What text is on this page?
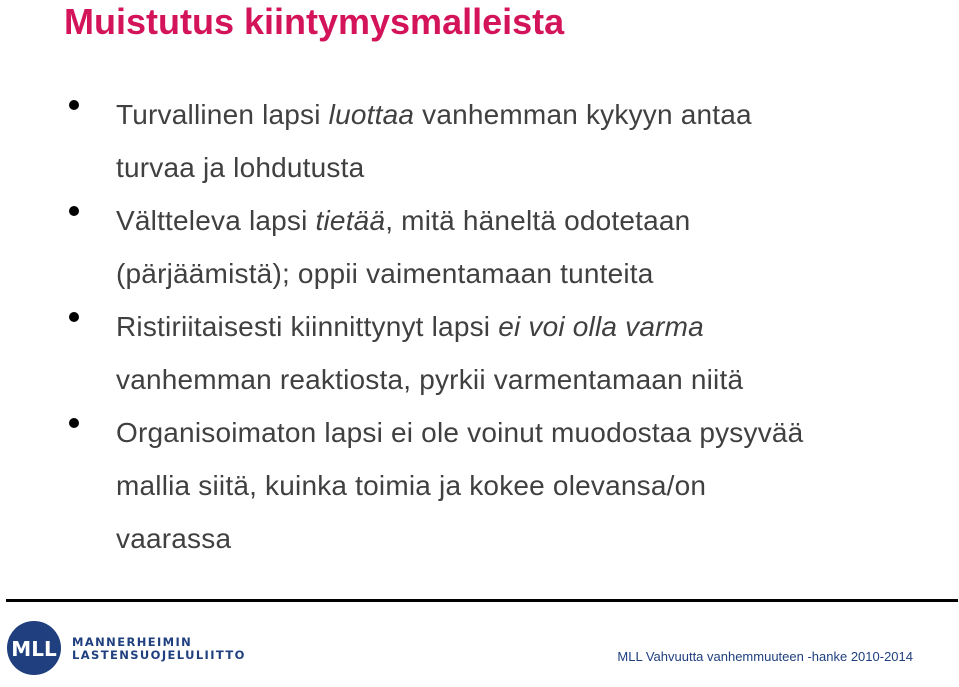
Muistutus kiintymysmalleista
Turvallinen lapsi luottaa vanhemman kykyyn antaa
turvaa ja lohdutusta
Vältteleva lapsi tietää, mitä häneltä odotetaan
(pärjäämistä); oppii vaimentamaan tunteita
Ristiriitaisesti kiinnittynyt lapsi ei voi olla varma
vanhemman reaktiosta, pyrkii varmentamaan niitä
Organisoimaton lapsi ei ole voinut muodostaa pysyvää
mallia siitä, kuinka toimia ja kokee olevansa/on
vaarassa
MLL MANNERHEIMIN
LASTENSUOJELULIITTO	MLL Vahvuutta vanhemmuuteen -hanke 2010-2014
